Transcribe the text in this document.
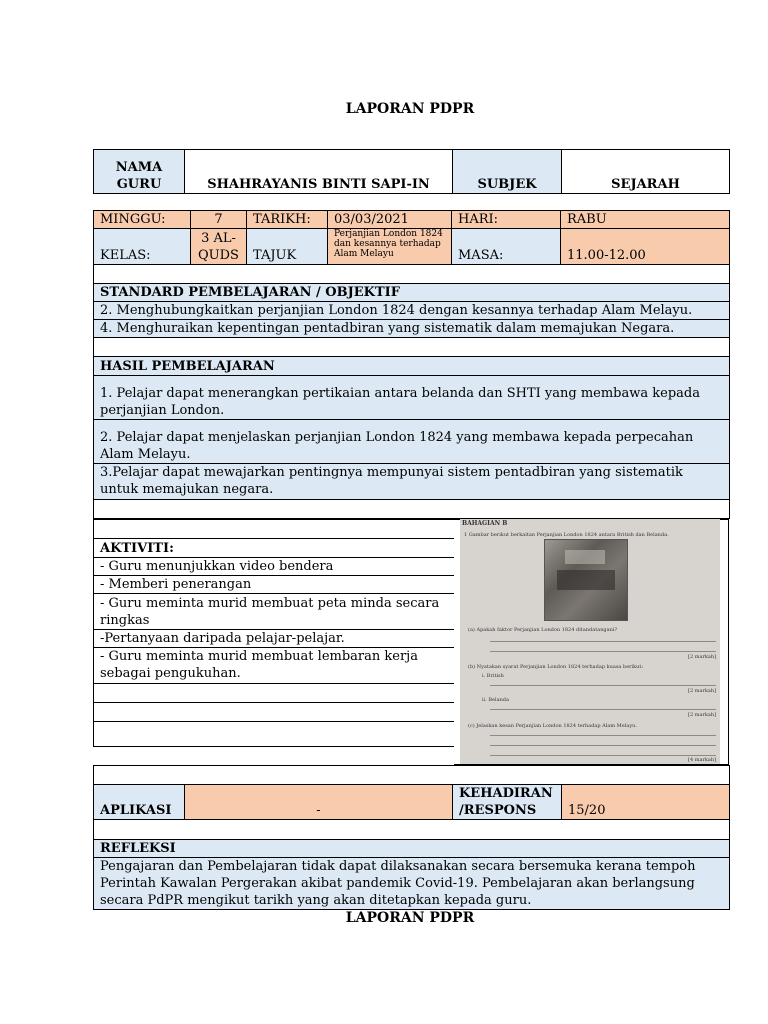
LAPORAN PDPR
NAMA GURU	SHAHRAYANIS BINTI SAPI-IN	SUBJEK	SEJARAH
MINGGU:	7	TARIKH:	03/03/2021	HARI:	RABU
KELAS:	3 AL-QUDS	TAJUK	Perjanjian London 1824 dan kesannya terhadap Alam Melayu	MASA:	11.00-12.00

STANDARD PEMBELAJARAN / OBJEKTIF					
2. Menghubungkaitkan perjanjian London 1824 dengan kesannya terhadap Alam Melayu.					
4. Menghuraikan kepentingan pentadbiran yang sistematik dalam memajukan Negara.					

HASIL PEMBELAJARAN					
1. Pelajar dapat menerangkan pertikaian antara belanda dan SHTI yang membawa kepada perjanjian London.					
2. Pelajar dapat menjelaskan perjanjian London 1824 yang membawa kepada perpecahan Alam Melayu.					
3.Pelajar dapat mewajarkan pentingnya mempunyai sistem pentadbiran yang sistematik untuk memajukan negara.					

AKTIVITI:
- Guru menunjukkan video bendera
- Memberi penerangan
- Guru meminta murid membuat peta minda secara ringkas
-Pertanyaan daripada pelajar-pelajar.
- Guru meminta murid membuat lembaran kerja sebagai pengukuhan.

BAHAGIAN B
1 Gambar berikut berkaitan Perjanjian London 1824 antara British dan Belanda.
(a) Apakah faktor Perjanjian London 1824 ditandatangani?
[2 markah]
(b) Nyatakan syarat Perjanjian London 1824 terhadap kuasa berikut:
i. British
[2 markah]
ii. Belanda
[2 markah]
(c) Jelaskan kesan Perjanjian London 1824 terhadap Alam Melayu.
[4 markah]

APLIKASI	-	KEHADIRAN /RESPONS	15/20

REFLEKSI
Pengajaran dan Pembelajaran tidak dapat dilaksanakan secara bersemuka kerana tempoh Perintah Kawalan Pergerakan akibat pandemik Covid-19. Pembelajaran akan berlangsung secara PdPR mengikut tarikh yang akan ditetapkan kepada guru.
LAPORAN PDPR
